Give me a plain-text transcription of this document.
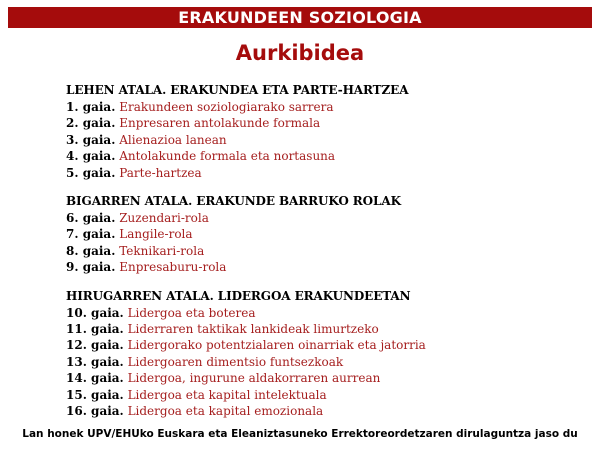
ERAKUNDEEN SOZIOLOGIA
Aurkibidea
LEHEN ATALA. ERAKUNDEA ETA PARTE-HARTZEA
1. gaia. Erakundeen soziologiarako sarrera
2. gaia. Enpresaren antolakunde formala
3. gaia. Alienazioa lanean
4. gaia. Antolakunde formala eta nortasuna
5. gaia. Parte-hartzea
BIGARREN ATALA. ERAKUNDE BARRUKO ROLAK
6. gaia. Zuzendari-rola
7. gaia. Langile-rola
8. gaia. Teknikari-rola
9. gaia. Enpresaburu-rola
HIRUGARREN ATALA. LIDERGOA ERAKUNDEETAN
10. gaia. Lidergoa eta boterea
11. gaia. Liderraren taktikak lankideak limurtzeko
12. gaia. Lidergorako potentzialaren oinarriak eta jatorria
13. gaia. Lidergoaren dimentsio funtsezkoak
14. gaia. Lidergoa, ingurune aldakorraren aurrean
15. gaia. Lidergoa eta kapital intelektuala
16. gaia. Lidergoa eta kapital emozionala
Lan honek UPV/EHUko Euskara eta Eleaniztasuneko Errektoreordetzaren dirulaguntza jaso du
